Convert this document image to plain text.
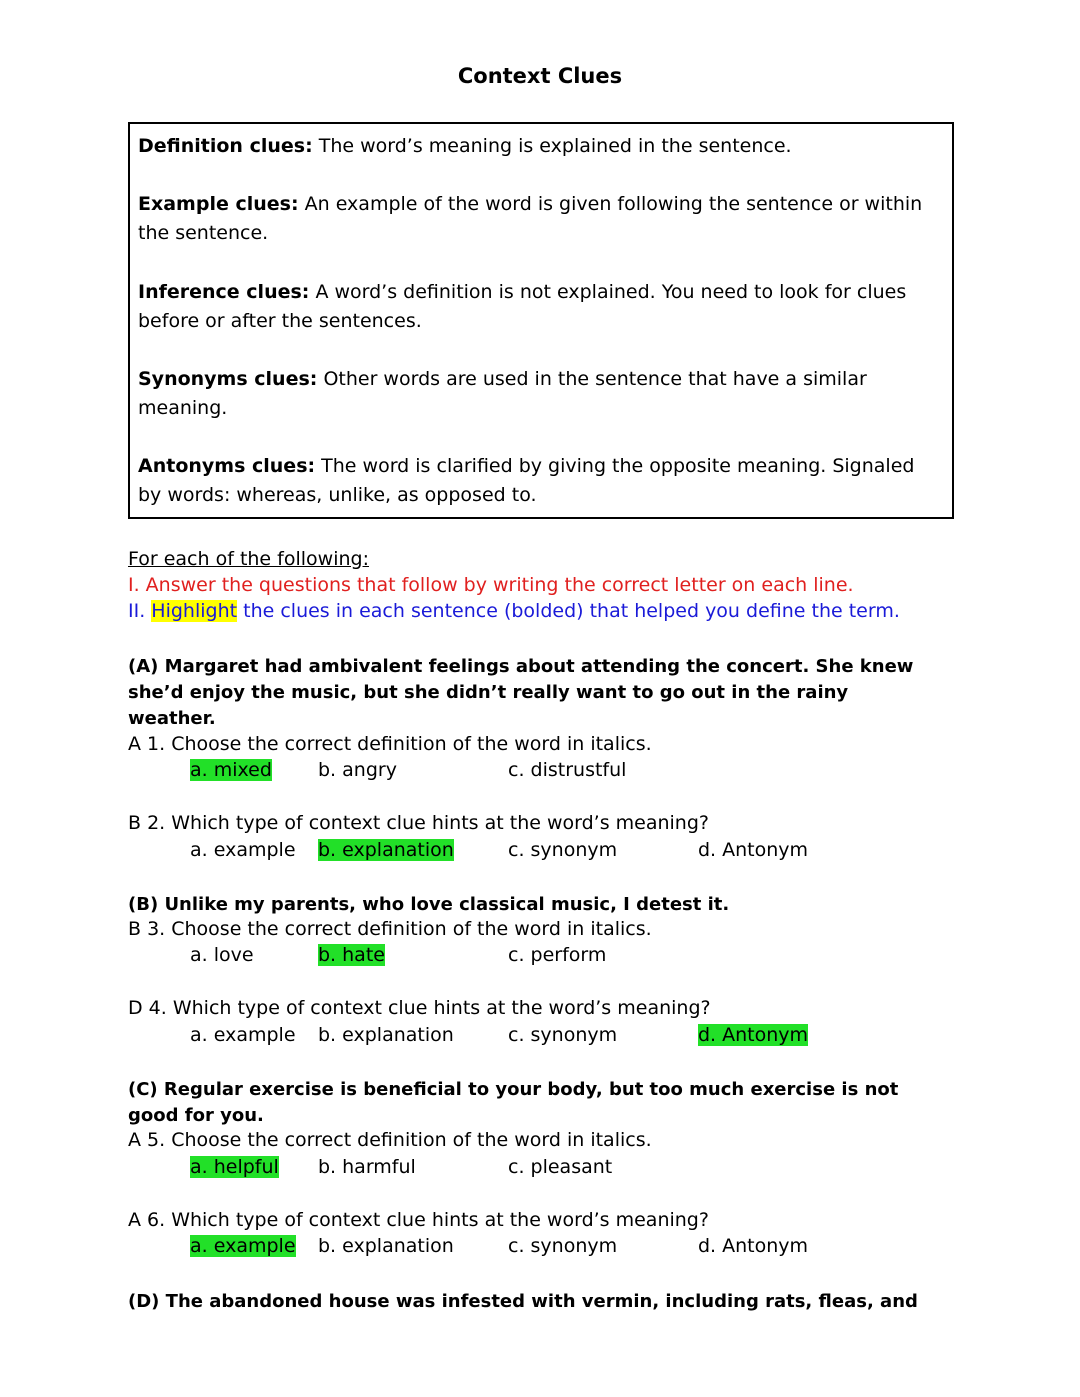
Context Clues
Definition clues: The word’s meaning is explained in the sentence.
Example clues: An example of the word is given following the sentence or within the sentence.
Inference clues: A word’s definition is not explained. You need to look for clues before or after the sentences.
Synonyms clues: Other words are used in the sentence that have a similar meaning.
Antonyms clues: The word is clarified by giving the opposite meaning. Signaled by words: whereas, unlike, as opposed to.
For each of the following:
I. Answer the questions that follow by writing the correct letter on each line.
II. Highlight the clues in each sentence (bolded) that helped you define the term.
(A) Margaret had ambivalent feelings about attending the concert. She knew
she’d enjoy the music, but she didn’t really want to go out in the rainy
weather.
A 1. Choose the correct definition of the word in italics.
a. mixed b. angry	c. distrustful
B 2. Which type of context clue hints at the word’s meaning?
a. example b. explanation	c. synonym	d. Antonym
(B) Unlike my parents, who love classical music, I detest it.
B 3. Choose the correct definition of the word in italics.
a. love	b. hate	c. perform
D 4. Which type of context clue hints at the word’s meaning?
a. example b. explanation	c. synonym	d. Antonym
(C) Regular exercise is beneficial to your body, but too much exercise is not
good for you.
A 5. Choose the correct definition of the word in italics.
a. helpful b. harmful	c. pleasant
A 6. Which type of context clue hints at the word’s meaning?
a. example b. explanation	c. synonym	d. Antonym
(D) The abandoned house was infested with vermin, including rats, fleas, and
